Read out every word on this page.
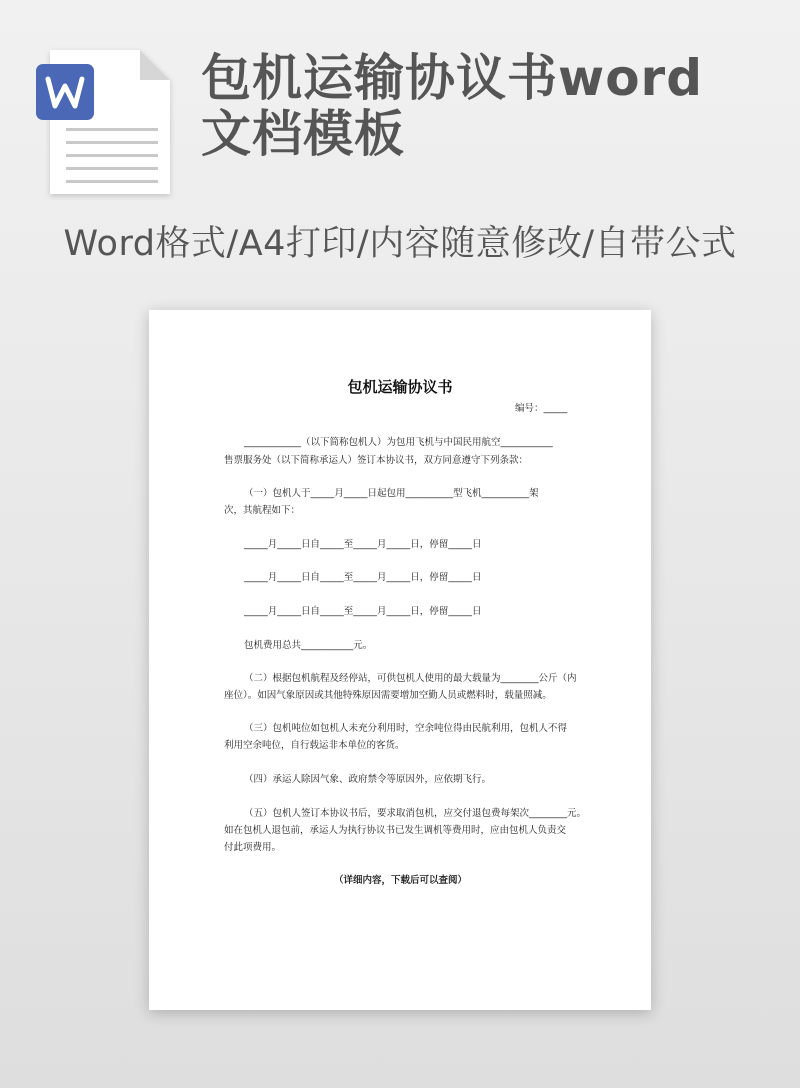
包机运输协议书word
文档模板
Word格式/A4打印/内容随意修改/自带公式
包机运输协议书
编号：_____
____________（以下简称包机人）为包用飞机与中国民用航空___________
售票服务处（以下简称承运人）签订本协议书，双方同意遵守下列条款：
（一）包机人于_____月_____日起包用__________型飞机__________架
次，其航程如下：
_____月_____日自_____至_____月_____日，停留_____日
_____月_____日自_____至_____月_____日，停留_____日
_____月_____日自_____至_____月_____日，停留_____日
包机费用总共___________元。
（二）根据包机航程及经停站，可供包机人使用的最大载量为________公斤（内
座位）。如因气象原因或其他特殊原因需要增加空勤人员或燃料时，载量照减。
（三）包机吨位如包机人未充分利用时，空余吨位得由民航利用，包机人不得
利用空余吨位，自行载运非本单位的客货。
（四）承运人除因气象、政府禁令等原因外，应依期飞行。
（五）包机人签订本协议书后，要求取消包机，应交付退包费每架次________元。
如在包机人退包前，承运人为执行协议书已发生调机等费用时，应由包机人负责交
付此项费用。
（详细内容，下载后可以查阅）
